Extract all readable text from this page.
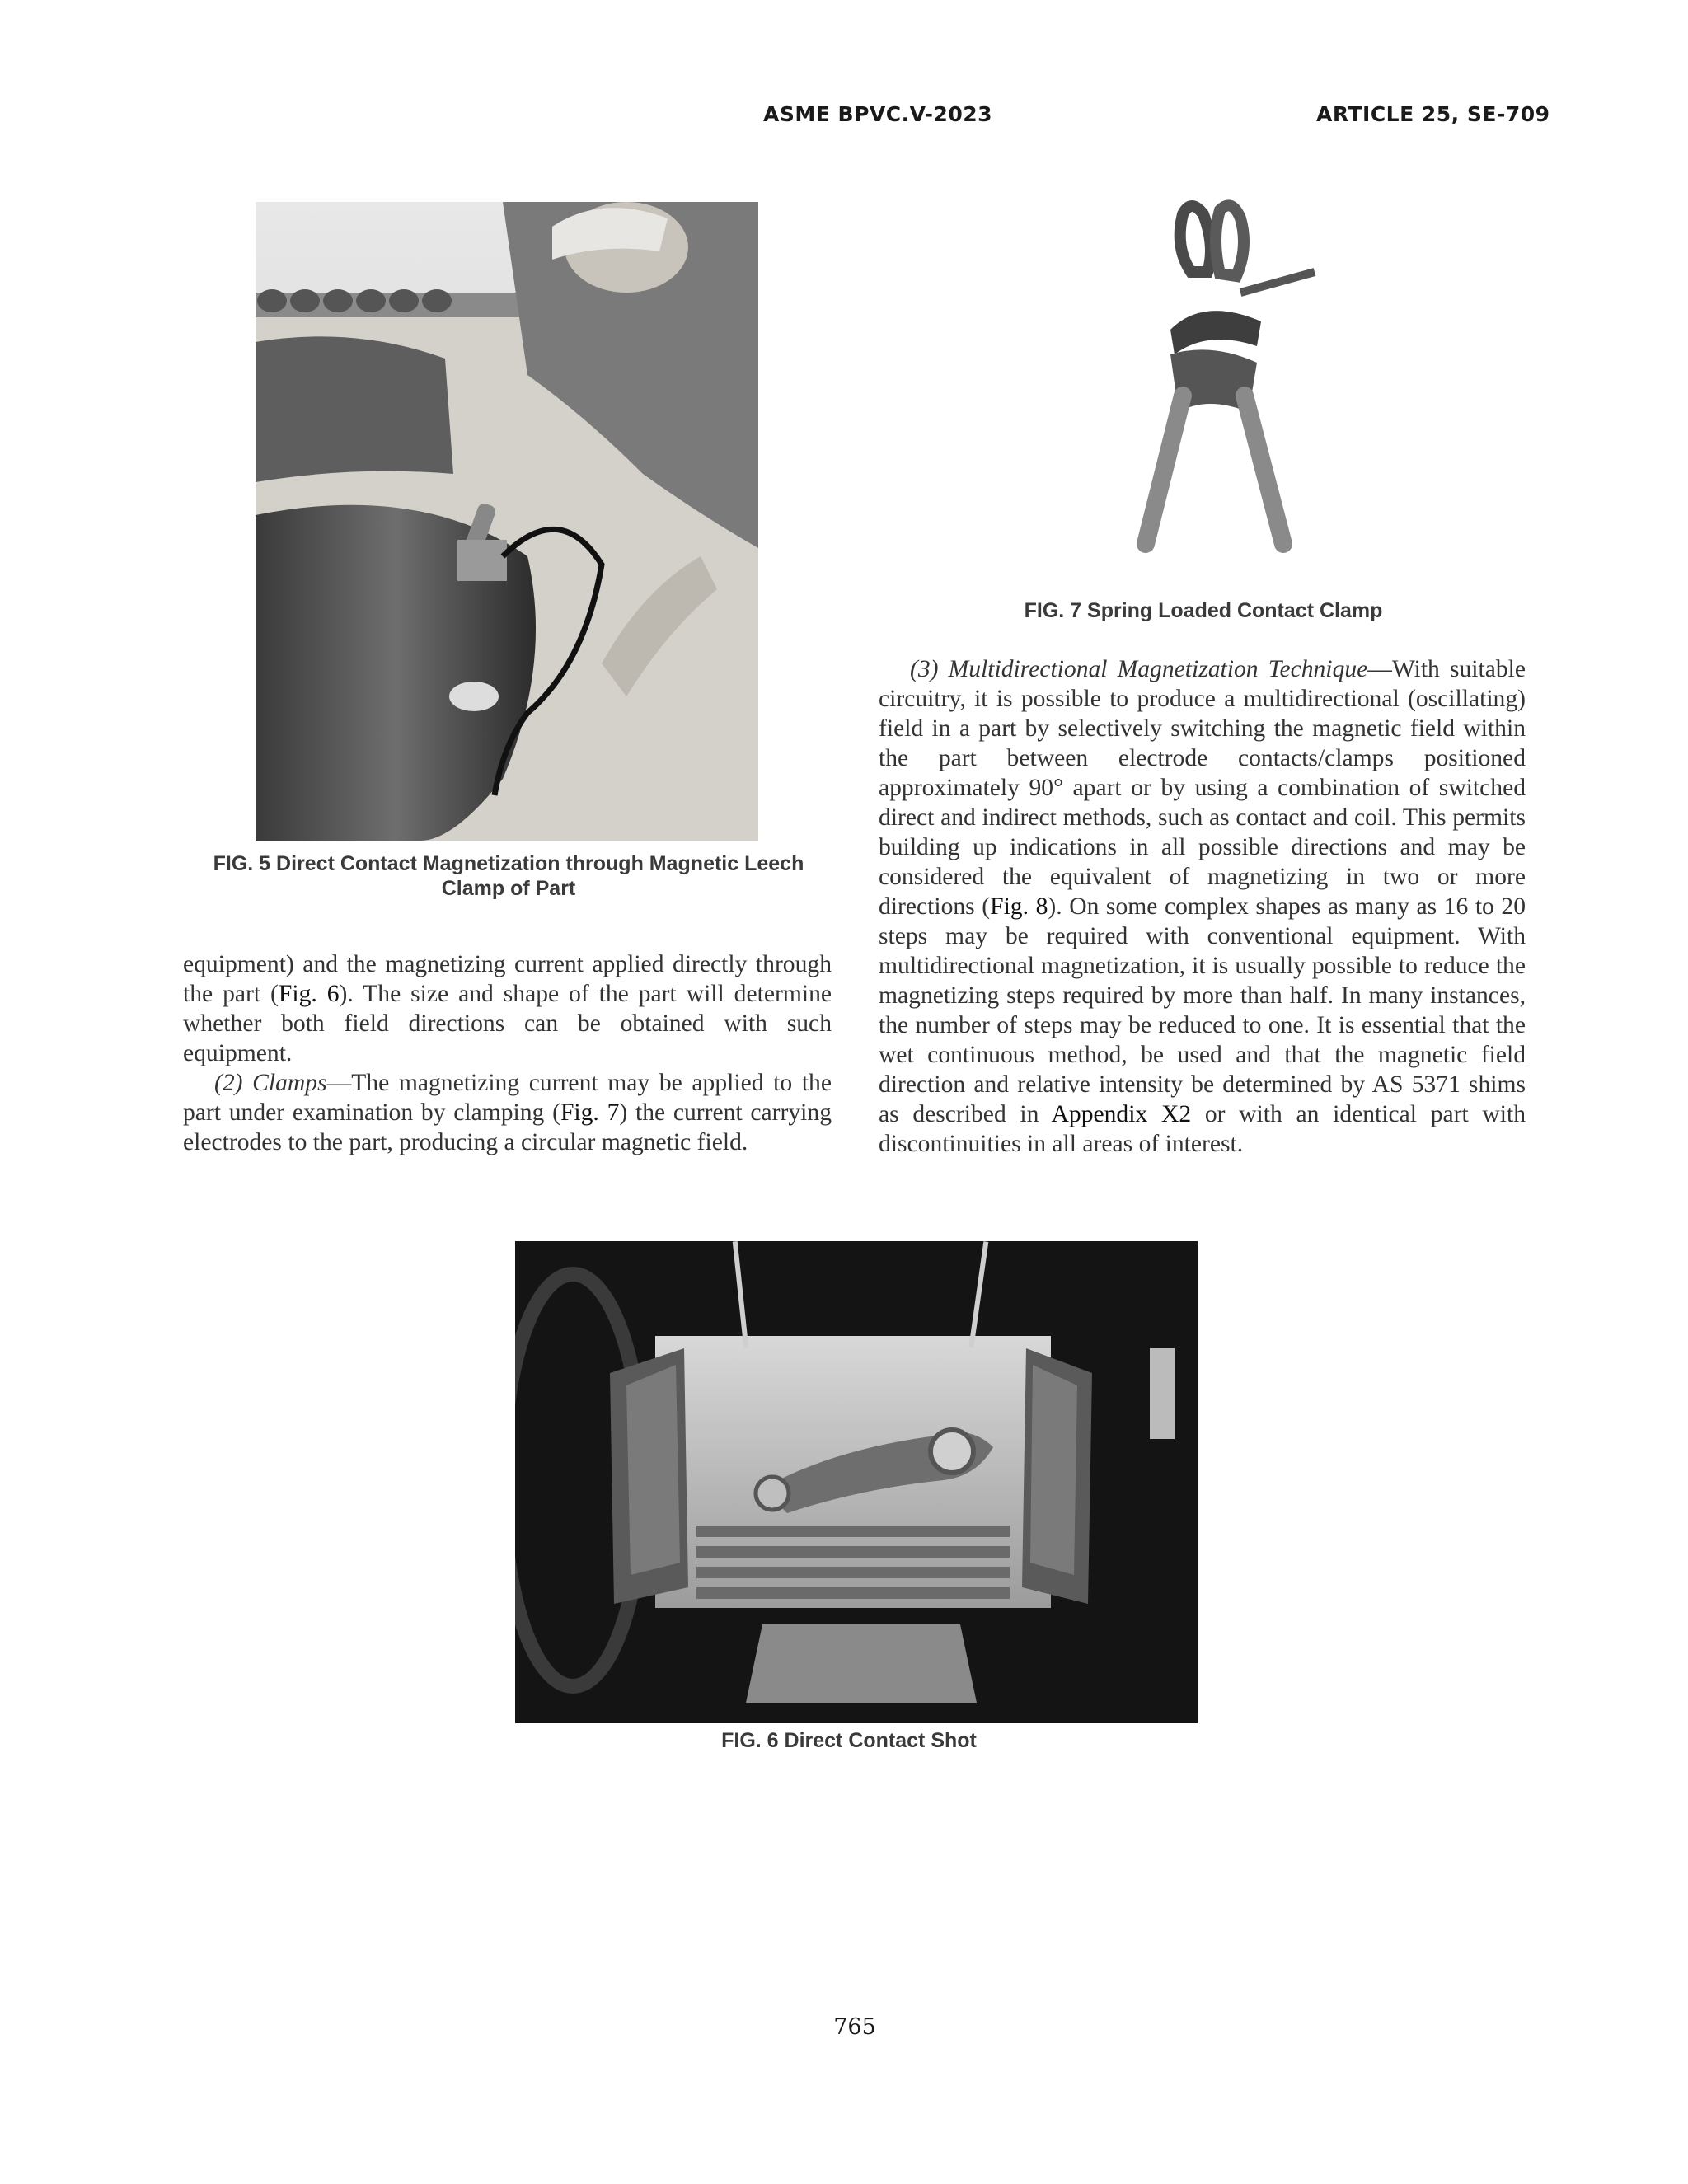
ASME BPVC.V-2023	ARTICLE 25, SE-709
FIG. 5 Direct Contact Magnetization through Magnetic Leech
Clamp of Part
FIG. 7 Spring Loaded Contact Clamp

equipment) and the magnetizing current applied directly through the part (Fig. 6). The size and shape of the part will determine whether both field directions can be obtained with such equipment.

(2) Clamps—The magnetizing current may be applied to the part under examination by clamping (Fig. 7) the current carrying electrodes to the part, producing a circular magnetic field.

(3) Multidirectional Magnetization Technique—With suitable circuitry, it is possible to produce a multidirectional (oscillating) field in a part by selectively switching the magnetic field within the part between electrode contacts/clamps positioned approximately 90° apart or by using a combination of switched direct and indirect methods, such as contact and coil. This permits building up indications in all possible directions and may be considered the equivalent of magnetizing in two or more directions (Fig. 8). On some complex shapes as many as 16 to 20 steps may be required with conventional equipment. With multidirectional magnetization, it is usually possible to reduce the magnetizing steps required by more than half. In many instances, the number of steps may be reduced to one. It is essential that the wet continuous method, be used and that the magnetic field direction and relative intensity be determined by AS 5371 shims as described in Appendix X2 or with an identical part with discontinuities in all areas of interest.

FIG. 6 Direct Contact Shot
765
